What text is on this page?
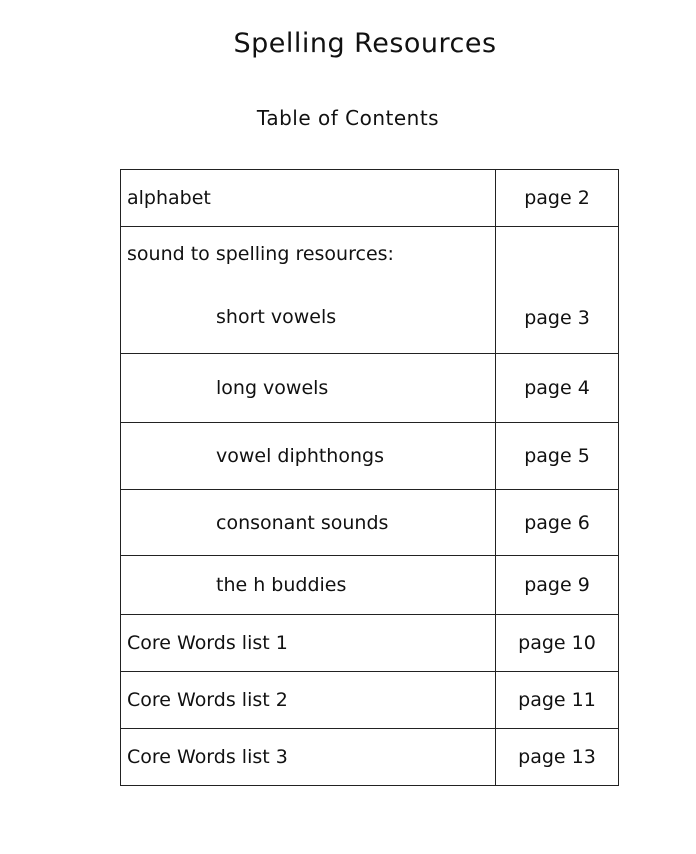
Spelling Resources
Table of Contents
alphabet	page 2

sound to spelling resources:
short vowels	page 3

long vowels	page 4
vowel diphthongs	page 5
consonant sounds	page 6
the h buddies	page 9
Core Words list 1	page 10
Core Words list 2	page 11
Core Words list 3	page 13
